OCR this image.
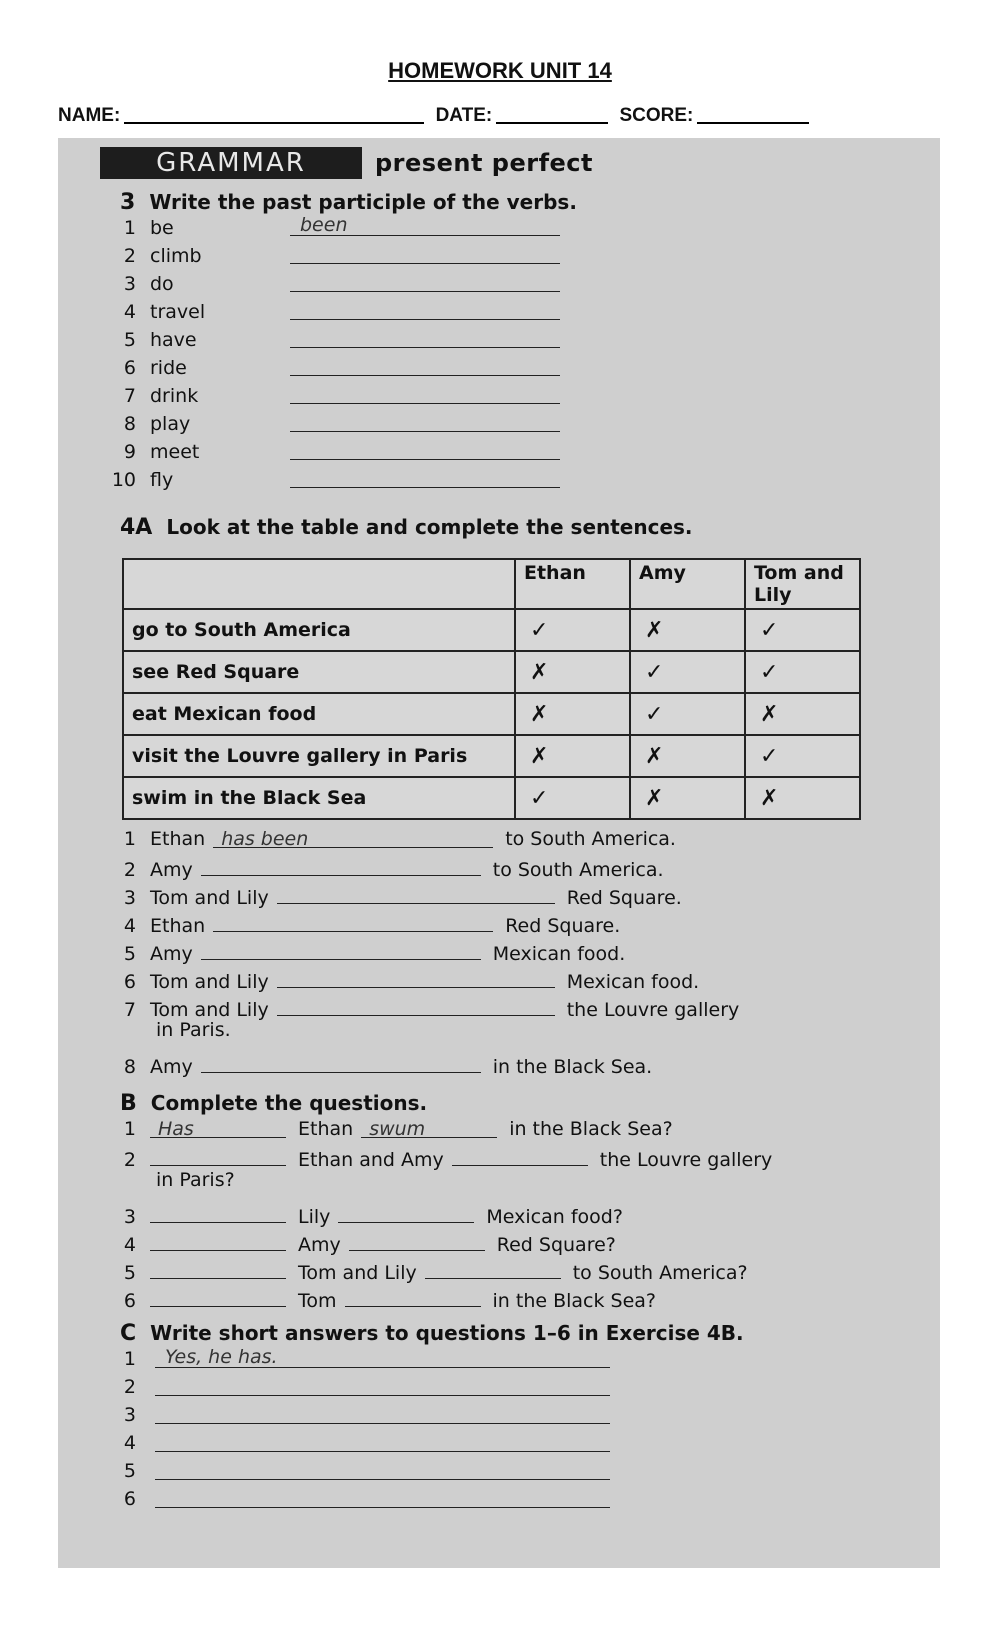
HOMEWORK UNIT 14
NAME:	DATE:	SCORE:
GRAMMAR	present perfect
3 Write the past participle of the verbs.
1 be	been
2 climb
3 do
4 travel
5 have
6 ride
7 drink
8 play
9 meet
10 fly
4A Look at the table and complete the sentences.
	Ethan	Amy	Tom and Lily
go to South America	✓	✗	✓
see Red Square	✗	✓	✓
eat Mexican food	✗	✓	✗
visit the Louvre gallery in Paris	✗	✗	✓
swim in the Black Sea	✓	✗	✗
1 Ethan has been	to South America.
2 Amy	to South America.
3 Tom and Lily	Red Square.
4 Ethan	Red Square.
5 Amy	Mexican food.
6 Tom and Lily	Mexican food.
7 Tom and Lily	the Louvre gallery
in Paris.
8 Amy	in the Black Sea.
B Complete the questions.
1 Has	Ethan swum	in the Black Sea?
2	Ethan and Amy	the Louvre gallery
in Paris?
3	Lily	Mexican food?
4	Amy	Red Square?
5	Tom and Lily	to South America?
6	Tom	in the Black Sea?
C Write short answers to questions 1–6 in Exercise 4B.
1	Yes, he has.
2
3
4
5
6
